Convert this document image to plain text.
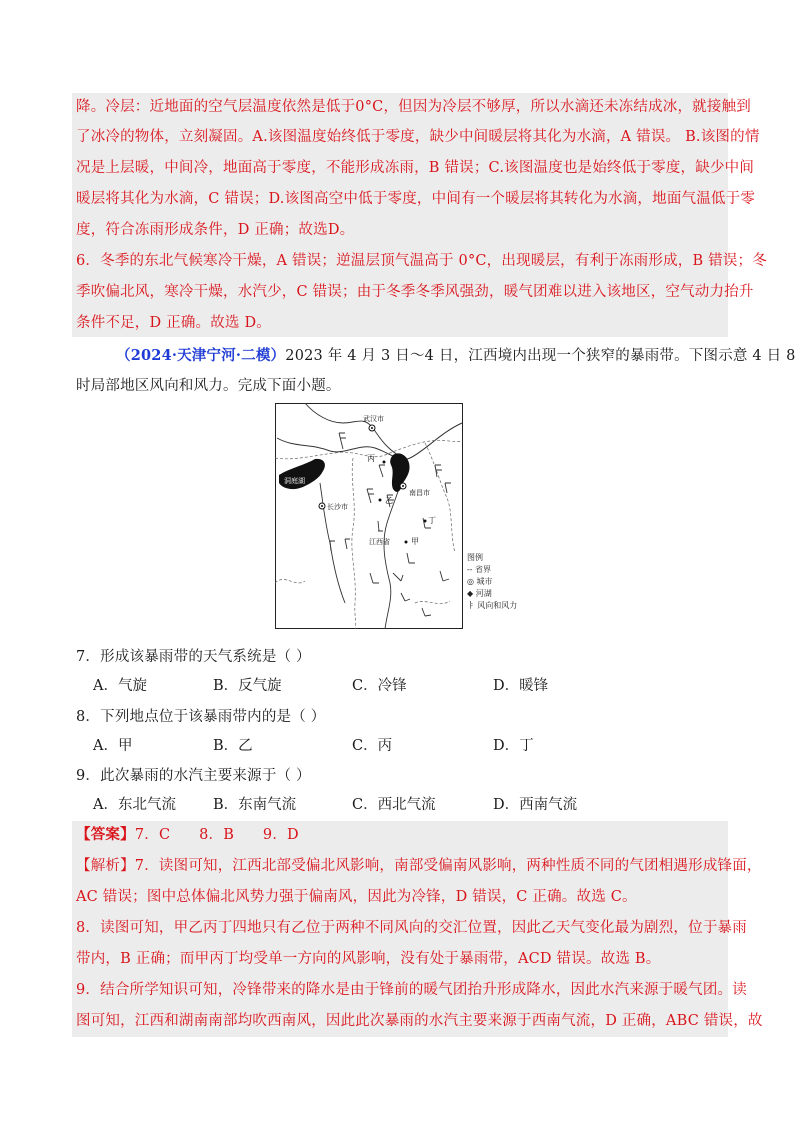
降。冷层：近地面的空气层温度依然是低于0°C，但因为冷层不够厚，所以水滴还未冻结成冰，就接触到
了冰冷的物体，立刻凝固。A.该图温度始终低于零度，缺少中间暖层将其化为水滴，A 错误。 B.该图的情
况是上层暖，中间冷，地面高于零度，不能形成冻雨，B 错误；C.该图温度也是始终低于零度，缺少中间
暖层将其化为水滴，C 错误；D.该图高空中低于零度，中间有一个暖层将其转化为水滴，地面气温低于零
度，符合冻雨形成条件，D 正确；故选D。
6．冬季的东北气候寒冷干燥，A 错误；逆温层顶气温高于 0°C，出现暖层，有利于冻雨形成，B 错误；冬
季吹偏北风，寒冷干燥，水汽少，C 错误；由于冬季冬季风强劲，暖气团难以进入该地区，空气动力抬升
条件不足，D 正确。故选 D。
（2024·天津宁河·二模）2023 年 4 月 3 日～4 日，江西境内出现一个狭窄的暴雨带。下图示意 4 日 8
时局部地区风向和风力。完成下面小题。
武汉市
洞庭湖
长沙市
鄱阳湖
南昌市
江西省	甲
乙
丙
丁
图例
-- 省界
◎ 城市
◆ 河湖
ㅑ 风向和风力
7．形成该暴雨带的天气系统是（ ）
A．气旋	B．反气旋	C．冷锋	D．暖锋
8．下列地点位于该暴雨带内的是（ ）
A．甲	B．乙	C．丙	D．丁
9．此次暴雨的水汽主要来源于（ ）
A．东北气流	B．东南气流	C．西北气流	D．西南气流
【答案】7．C      8．B      9．D
【解析】7．读图可知，江西北部受偏北风影响，南部受偏南风影响，两种性质不同的气团相遇形成锋面，
AC 错误；图中总体偏北风势力强于偏南风，因此为冷锋，D 错误，C 正确。故选 C。
8．读图可知，甲乙丙丁四地只有乙位于两种不同风向的交汇位置，因此乙天气变化最为剧烈，位于暴雨
带内，B 正确；而甲丙丁均受单一方向的风影响，没有处于暴雨带，ACD 错误。故选 B。
9．结合所学知识可知，冷锋带来的降水是由于锋前的暖气团抬升形成降水，因此水汽来源于暖气团。读
图可知，江西和湖南南部均吹西南风，因此此次暴雨的水汽主要来源于西南气流，D 正确，ABC 错误，故
